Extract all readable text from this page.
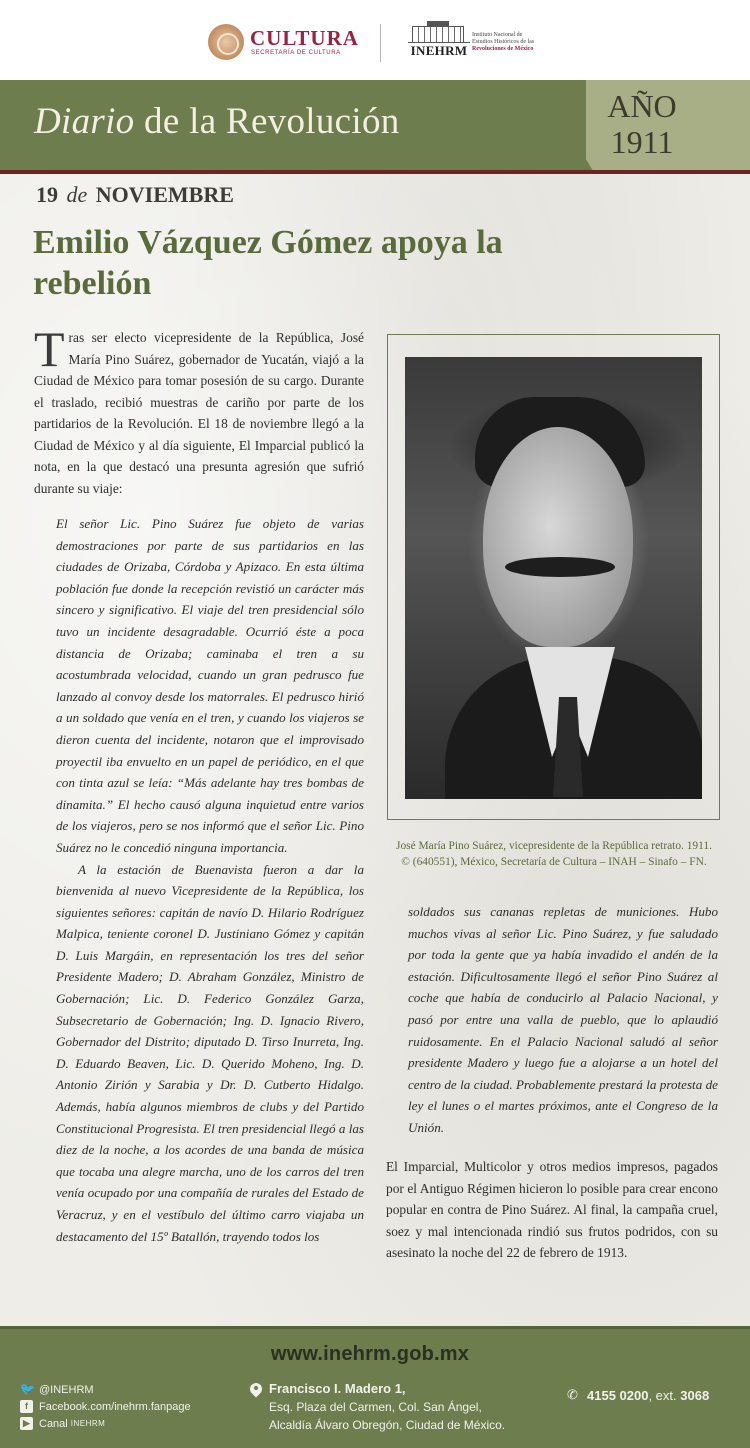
CULTURA
SECRETARÍA DE CULTURA	INEHRM
Instituto Nacional de
Estudios Históricos de las
Revoluciones de México
Diario de la Revolución	AÑO
1911
19 de NOVIEMBRE
Emilio Vázquez Gómez apoya la rebelión

Tras ser electo vicepresidente de la República, José María Pino Suárez, gobernador de Yucatán, viajó a la Ciudad de México para tomar posesión de su cargo. Durante el traslado, recibió muestras de cariño por parte de los partidarios de la Revolución. El 18 de noviembre llegó a la Ciudad de México y al día siguiente, El Imparcial publicó la nota, en la que destacó una presunta agresión que sufrió durante su viaje:

El señor Lic. Pino Suárez fue objeto de varias demostraciones por parte de sus partidarios en las ciudades de Orizaba, Córdoba y Apizaco. En esta última población fue donde la recepción revistió un carácter más sincero y significativo. El viaje del tren presidencial sólo tuvo un incidente desagradable. Ocurrió éste a poca distancia de Orizaba; caminaba el tren a su acostumbrada velocidad, cuando un gran pedrusco fue lanzado al convoy desde los matorrales. El pedrusco hirió a un soldado que venía en el tren, y cuando los viajeros se dieron cuenta del incidente, notaron que el improvisado proyectil iba envuelto en un papel de periódico, en el que con tinta azul se leía: “Más adelante hay tres bombas de dinamita.” El hecho causó alguna inquietud entre varios de los viajeros, pero se nos informó que el señor Lic. Pino Suárez no le concedió ninguna importancia.

A la estación de Buenavista fueron a dar la bienvenida al nuevo Vicepresidente de la República, los siguientes señores: capitán de navío D. Hilario Rodríguez Malpica, teniente coronel D. Justiniano Gómez y capitán D. Luis Margáin, en representación los tres del señor Presidente Madero; D. Abraham González, Ministro de Gobernación; Lic. D. Federico González Garza, Subsecretario de Gobernación; Ing. D. Ignacio Rivero, Gobernador del Distrito; diputado D. Tirso Inurreta, Ing. D. Eduardo Beaven, Lic. D. Querido Moheno, Ing. D. Antonio Zirión y Sarabia y Dr. D. Cutberto Hidalgo. Además, había algunos miembros de clubs y del Partido Constitucional Progresista. El tren presidencial llegó a las diez de la noche, a los acordes de una banda de música que tocaba una alegre marcha, uno de los carros del tren venía ocupado por una compañía de rurales del Estado de Veracruz, y en el vestíbulo del último carro viajaba un destacamento del 15º Batallón, trayendo todos los

José María Pino Suárez, vicepresidente de la República retrato. 1911.
© (640551), México, Secretaría de Cultura – INAH – Sinafo – FN.

soldados sus cananas repletas de municiones. Hubo muchos vivas al señor Lic. Pino Suárez, y fue saludado por toda la gente que ya había invadido el andén de la estación. Dificultosamente llegó el señor Pino Suárez al coche que había de conducirlo al Palacio Nacional, y pasó por entre una valla de pueblo, que lo aplaudió ruidosamente. En el Palacio Nacional saludó al señor presidente Madero y luego fue a alojarse a un hotel del centro de la ciudad. Probablemente prestará la protesta de ley el lunes o el martes próximos, ante el Congreso de la Unión.

El Imparcial, Multicolor y otros medios impresos, pagados por el Antiguo Régimen hicieron lo posible para crear encono popular en contra de Pino Suárez. Al final, la campaña cruel, soez y mal intencionada rindió sus frutos podridos, con su asesinato la noche del 22 de febrero de 1913.

www.inehrm.gob.mx
🐦 @INEHRM
f	Facebook.com/inehrm.fanpage
▶ Canal INEHRM
Francisco I. Madero 1,
Esq. Plaza del Carmen, Col. San Ángel,
Alcaldía Álvaro Obregón, Ciudad de México.
✆ 4155 0200, ext. 3068
